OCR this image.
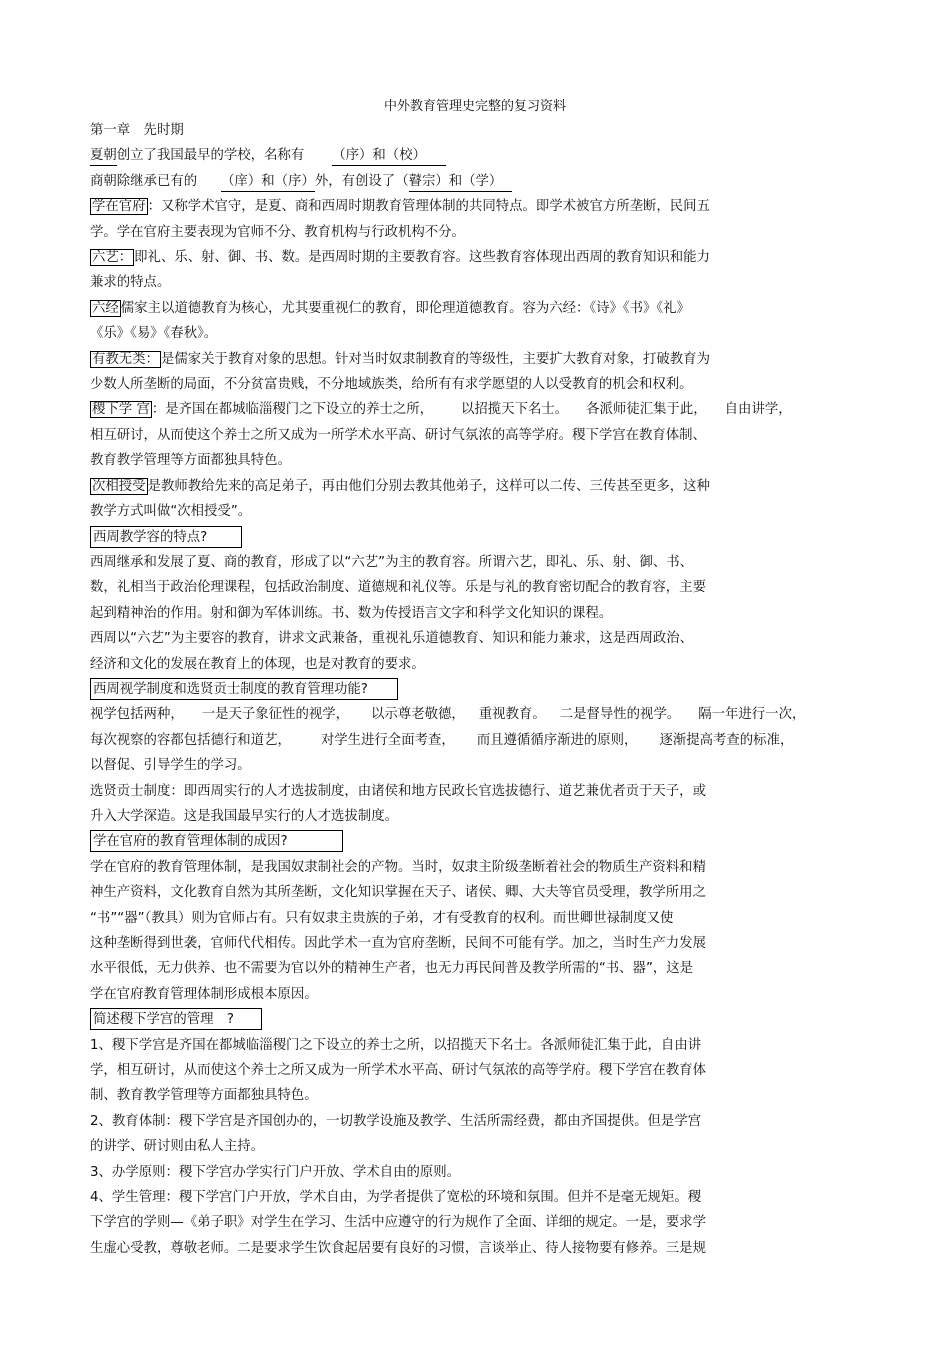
中外教育管理史完整的复习资料
第一章　先时期
夏朝创立了我国最早的学校，名称有 （序）和（校）
商朝除继承已有的 （庠）和（序）外，有创设了（瞽宗）和（学）
学在官府 ：又称学术官守，是夏、商和西周时期教育管理体制的共同特点。即学术被官方所垄断，民间五
学。学在官府主要表现为官师不分、教育机构与行政机构不分。
六艺： 即礼、乐、射、御、书、数。是西周时期的主要教育容。这些教育容体现出西周的教育知识和能力
兼求的特点。
六经 儒家主以道德教育为核心，尤其要重视仁的教育，即伦理道德教育。容为六经：《诗》《书》《礼》
《乐》《易》《春秋》。
有教无类： 是儒家关于教育对象的思想。针对当时奴隶制教育的等级性，主要扩大教育对象，打破教育为
少数人所垄断的局面，不分贫富贵贱，不分地域族类，给所有有求学愿望的人以受教育的机会和权利。
稷下学 宫 ：是齐国在都城临淄稷门之下设立的养士之所， 以招揽天下名士。 各派师徒汇集于此， 自由讲学，
相互研讨，从而使这个养士之所又成为一所学术水平高、研讨气氛浓的高等学府。稷下学宫在教育体制、
教育教学管理等方面都独具特色。
次相授受 是教师教给先来的高足弟子，再由他们分别去教其他弟子，这样可以二传、三传甚至更多，这种
教学方式叫做“次相授受”。
西周教学容的特点?
西周继承和发展了夏、商的教育，形成了以“六艺”为主的教育容。所谓六艺，即礼、乐、射、御、书、
数，礼相当于政治伦理课程，包括政治制度、道德规和礼仪等。乐是与礼的教育密切配合的教育容，主要
起到精神治的作用。射和御为军体训练。书、数为传授语言文字和科学文化知识的课程。
西周以“六艺”为主要容的教育，讲求文武兼备，重视礼乐道德教育、知识和能力兼求，这是西周政治、
经济和文化的发展在教育上的体现，也是对教育的要求。
西周视学制度和选贤贡士制度的教育管理功能?
视学包括两种， 一是天子象征性的视学， 以示尊老敬德， 重视教育。 二是督导性的视学。 隔一年进行一次，
每次视察的容都包括德行和道艺， 对学生进行全面考查， 而且遵循循序渐进的原则， 逐渐提高考查的标准，
以督促、引导学生的学习。
选贤贡士制度：即西周实行的人才选拔制度，由诸侯和地方民政长官选拔德行、道艺兼优者贡于天子，或
升入大学深造。这是我国最早实行的人才选拔制度。
学在官府的教育管理体制的成因?
学在官府的教育管理体制，是我国奴隶制社会的产物。当时，奴隶主阶级垄断着社会的物质生产资料和精
神生产资料，文化教育自然为其所垄断，文化知识掌握在天子、诸侯、卿、大夫等官员受理，教学所用之
“书”“器”（教具）则为官师占有。只有奴隶主贵族的子弟，才有受教育的权利。而世卿世禄制度又使
这种垄断得到世袭，官师代代相传。因此学术一直为官府垄断，民间不可能有学。加之，当时生产力发展
水平很低，无力供养、也不需要为官以外的精神生产者，也无力再民间普及教学所需的“书、器”，这是
学在官府教育管理体制形成根本原因。
简述稷下学宫的管理　?
1、稷下学宫是齐国在都城临淄稷门之下设立的养士之所，以招揽天下名士。各派师徒汇集于此，自由讲
学，相互研讨，从而使这个养士之所又成为一所学术水平高、研讨气氛浓的高等学府。稷下学宫在教育体
制、教育教学管理等方面都独具特色。
2、教育体制：稷下学宫是齐国创办的，一切教学设施及教学、生活所需经费，都由齐国提供。但是学宫
的讲学、研讨则由私人主持。
3、办学原则：稷下学宫办学实行门户开放、学术自由的原则。
4、学生管理：稷下学宫门户开放，学术自由，为学者提供了宽松的环境和氛围。但并不是毫无规矩。稷
下学宫的学则—《弟子职》对学生在学习、生活中应遵守的行为规作了全面、详细的规定。一是，要求学
生虚心受教，尊敬老师。二是要求学生饮食起居要有良好的习惯，言谈举止、待人接物要有修养。三是规
